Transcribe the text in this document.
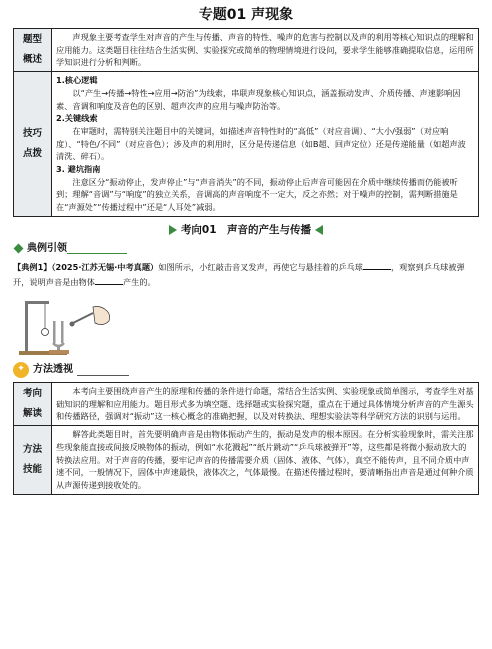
专题01 声现象
题型
概述

声现象主要考查学生对声音的产生与传播、声音的特性、噪声的危害与控制以及声的利用等核心知识点的理解和应用能力。这类题目往往结合生活实例、实验探究或简单的物理情境进行设问，要求学生能够准确提取信息，运用所学知识进行分析和判断。
技巧
点拨

1.核心逻辑
以“产生→传播→特性→应用→防治”为线索，串联声现象核心知识点，涵盖振动发声、介质传播、声速影响因素、音调和响度及音色的区别、超声次声的应用与噪声防治等。
2.关键线索
在审题时，需特别关注题目中的关键词，如描述声音特性时的“高低”（对应音调）、“大小/强弱”（对应响度）、“特色/不同”（对应音色）；涉及声的利用时，区分是传递信息（如B超、回声定位）还是传递能量（如超声波清洗、碎石）。
3. 避坑指南
注意区分“振动停止，发声停止”与“声音消失”的不同，振动停止后声音可能因在介质中继续传播而仍能被听到；理解“音调”与“响度”的独立关系，音调高的声音响度不一定大，反之亦然；对于噪声的控制，需判断措施是在“声源处”“传播过程中”还是“人耳处”减弱。
考向01　声音的产生与传播
典例引领
【典例1】（2025·江苏无锡·中考真题）如图所示，小红敲击音叉发声，再使它与悬挂着的乒乓球	，观察到乒乓球被弹开，说明声音是由物体	产生的。
✦ 方法透视
考向
解读	本考向主要围绕声音产生的原理和传播的条件进行命题，常结合生活实例、实验现象或简单图示，考查学生对基础知识的理解和应用能力。题目形式多为填空题、选择题或实验探究题，重点在于通过具体情境分析声音的产生源头和传播路径，强调对“振动”这一核心概念的准确把握，以及对转换法、理想实验法等科学研究方法的识别与运用。

方法
技能	解答此类题目时，首先要明确声音是由物体振动产生的，振动是发声的根本原因。在分析实验现象时，需关注那些现象能直接或间接反映物体的振动，例如“水花溅起”“纸片跳动”“乒乓球被弹开”等，这些都是将微小振动放大的转换法应用。对于声音的传播，要牢记声音的传播需要介质（固体、液体、气体），真空不能传声，且不同介质中声速不同，一般情况下，固体中声速最快，液体次之，气体最慢。在描述传播过程时，要清晰指出声音是通过何种介质从声源传递到接收处的。
